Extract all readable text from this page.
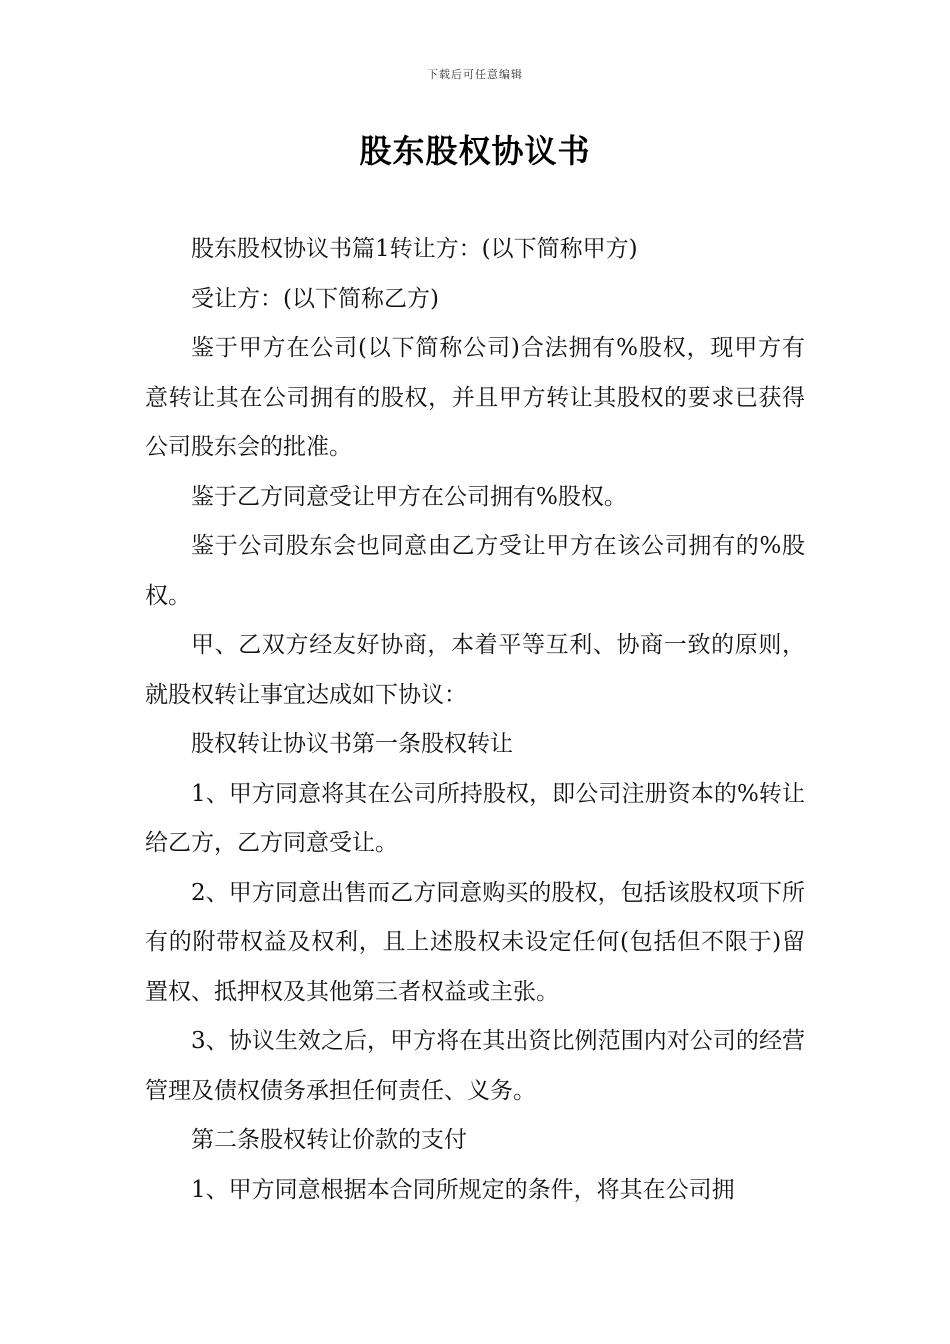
下载后可任意编辑
股东股权协议书

股东股权协议书篇1转让方：(以下简称甲方)

受让方：(以下简称乙方)

鉴于甲方在公司(以下简称公司)合法拥有%股权，现甲方有意转让其在公司拥有的股权，并且甲方转让其股权的要求已获得公司股东会的批准。

鉴于乙方同意受让甲方在公司拥有%股权。

鉴于公司股东会也同意由乙方受让甲方在该公司拥有的%股权。

甲、乙双方经友好协商，本着平等互利、协商一致的原则，就股权转让事宜达成如下协议：

股权转让协议书第一条股权转让

1、甲方同意将其在公司所持股权，即公司注册资本的%转让给乙方，乙方同意受让。

2、甲方同意出售而乙方同意购买的股权，包括该股权项下所有的附带权益及权利，且上述股权未设定任何(包括但不限于)留置权、抵押权及其他第三者权益或主张。

3、协议生效之后，甲方将在其出资比例范围内对公司的经营管理及债权债务承担任何责任、义务。

第二条股权转让价款的支付

1、甲方同意根据本合同所规定的条件，将其在公司拥
